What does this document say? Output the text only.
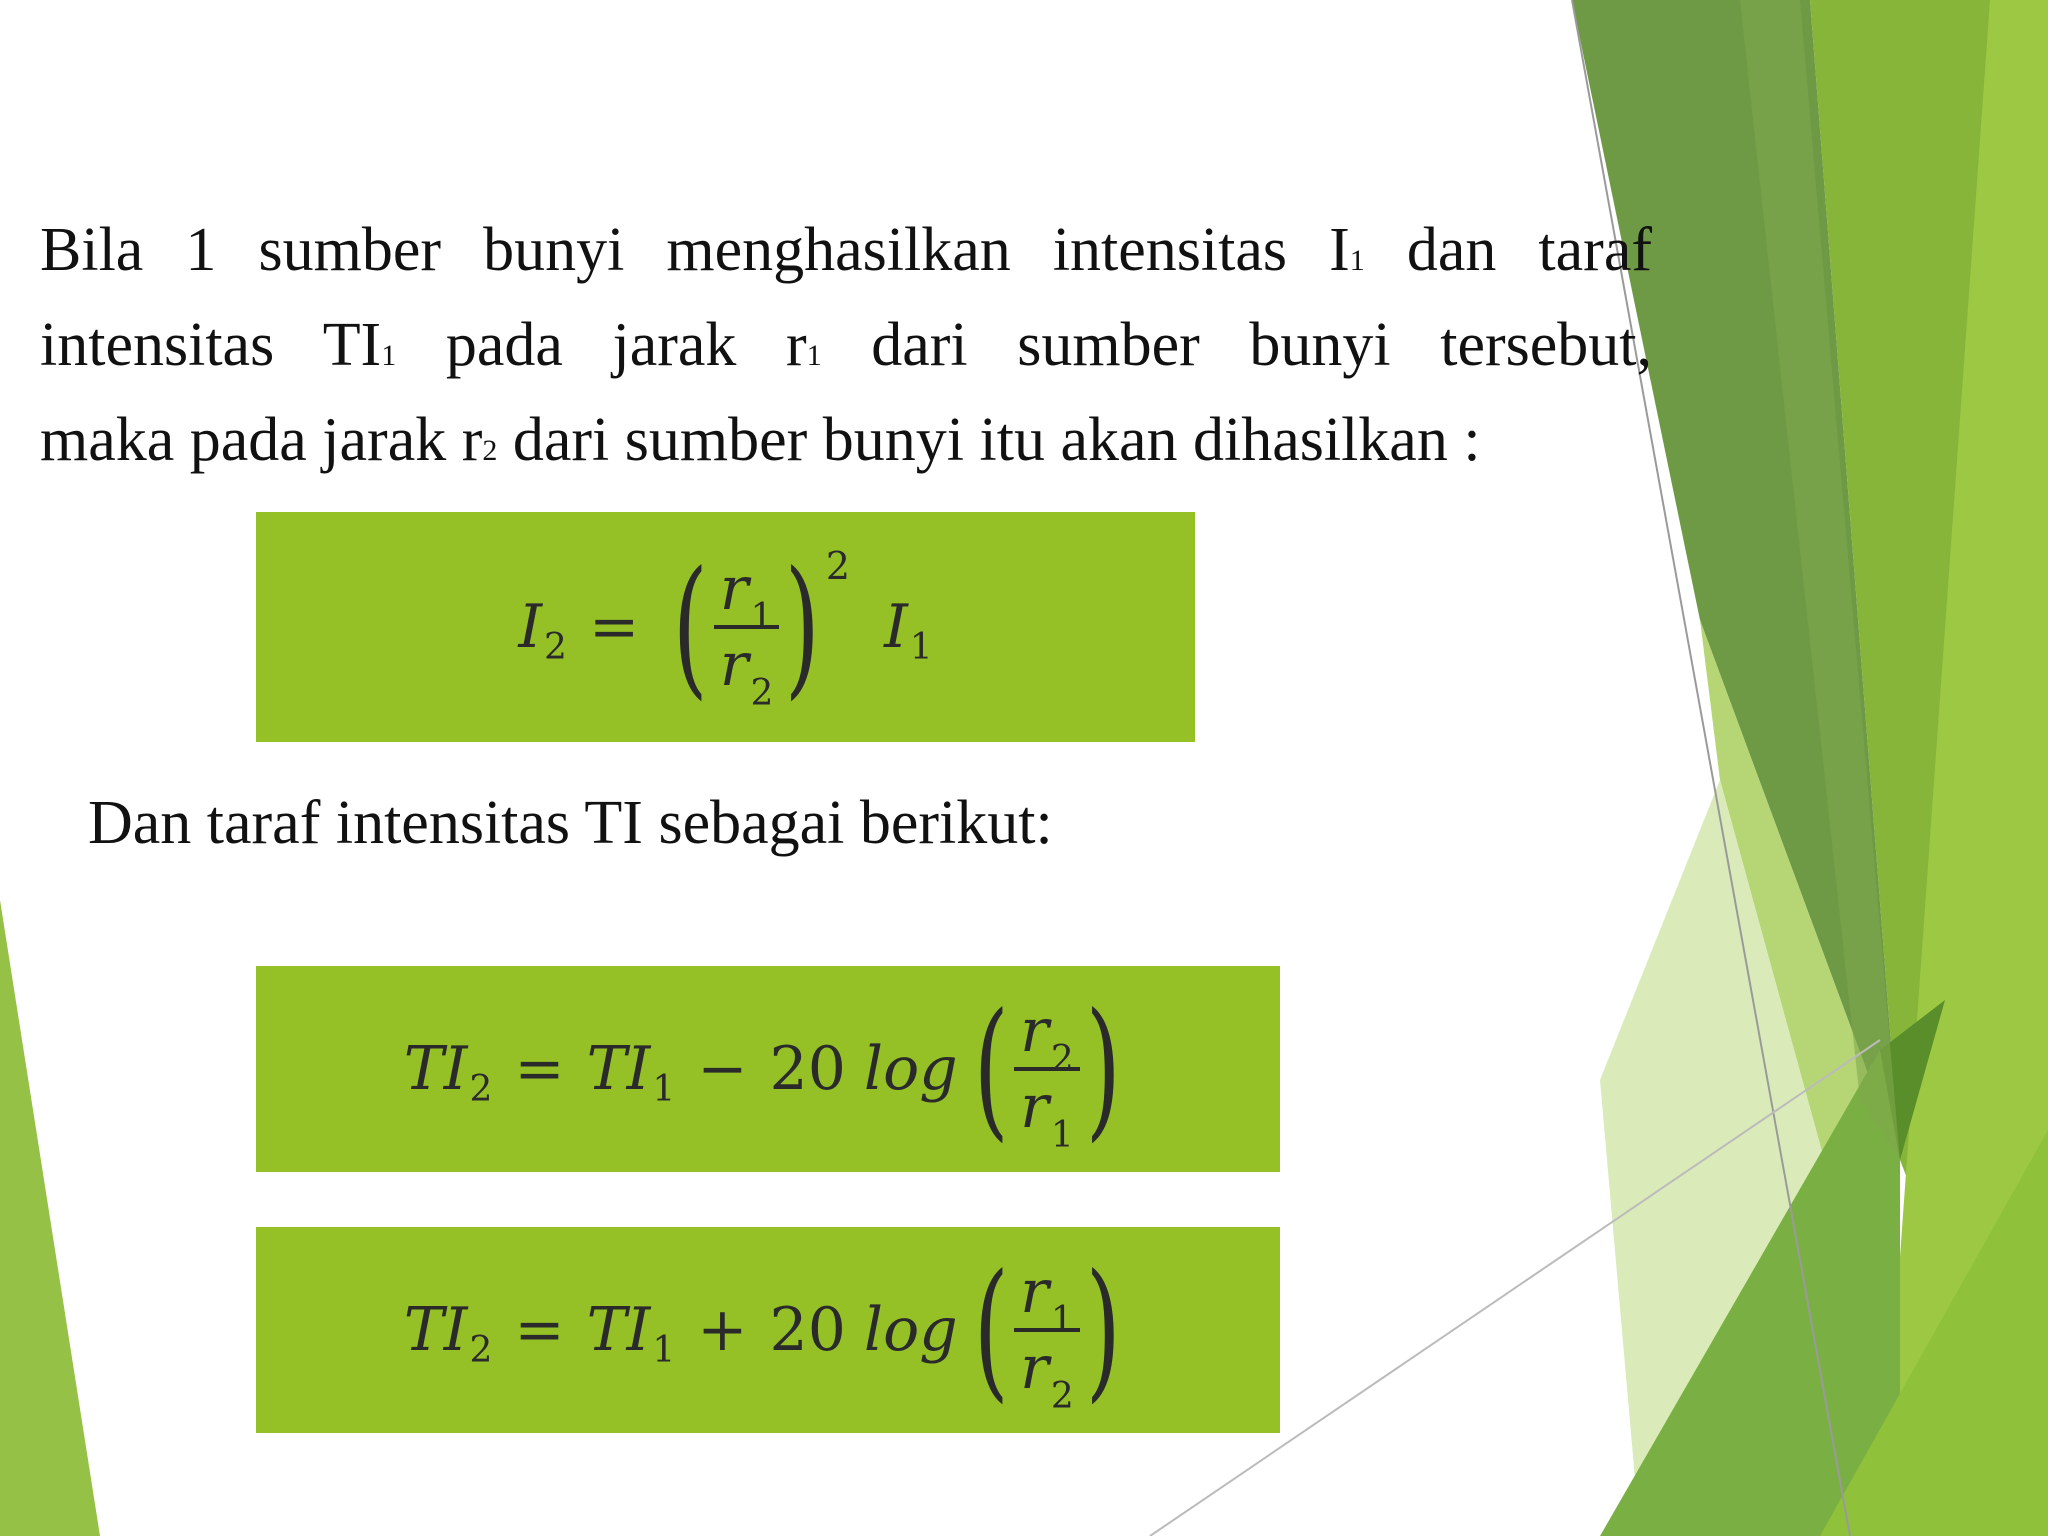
Bila 1 sumber bunyi menghasilkan intensitas I1 dan taraf
intensitas TI1 pada jarak r1 dari sumber bunyi tersebut,
maka pada jarak r2 dari sumber bunyi itu akan dihasilkan :
I 2 = ( $\frac{r_1}{r_2}$ ) 2
I 1
Dan taraf intensitas TI sebagai berikut:
TI 2 = TI 1 − 20 log ( $\frac{r_2}{r_1}$ )
TI 2 = TI 1 + 20 log ( $\frac{r_1}{r_2}$ )
